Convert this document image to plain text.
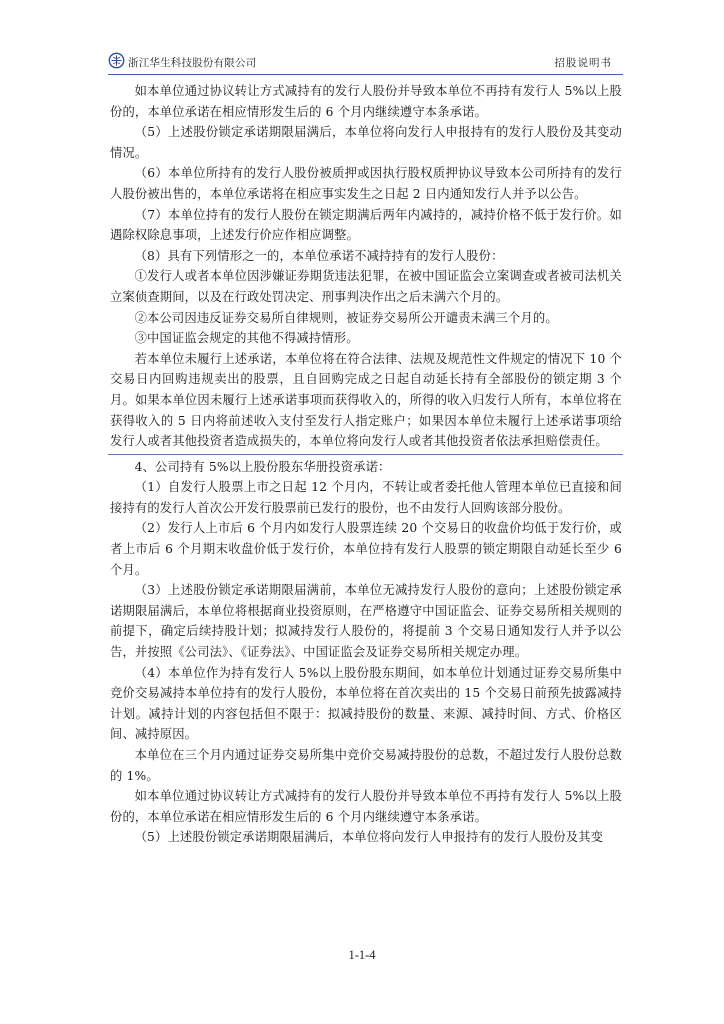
浙江华生科技股份有限公司	招股说明书

如本单位通过协议转让方式减持有的发行人股份并导致本单位不再持有发行人 5%以上股份的，本单位承诺在相应情形发生后的 6 个月内继续遵守本条承诺。

（5）上述股份锁定承诺期限届满后，本单位将向发行人申报持有的发行人股份及其变动情况。

（6）本单位所持有的发行人股份被质押或因执行股权质押协议导致本公司所持有的发行人股份被出售的，本单位承诺将在相应事实发生之日起 2 日内通知发行人并予以公告。

（7）本单位持有的发行人股份在锁定期满后两年内减持的，减持价格不低于发行价。如遇除权除息事项，上述发行价应作相应调整。

（8）具有下列情形之一的，本单位承诺不减持持有的发行人股份：

①发行人或者本单位因涉嫌证券期货违法犯罪，在被中国证监会立案调查或者被司法机关立案侦查期间，以及在行政处罚决定、刑事判决作出之后未满六个月的。

②本公司因违反证券交易所自律规则，被证券交易所公开谴责未满三个月的。

③中国证监会规定的其他不得减持情形。

若本单位未履行上述承诺，本单位将在符合法律、法规及规范性文件规定的情况下 10 个交易日内回购违规卖出的股票，且自回购完成之日起自动延长持有全部股份的锁定期 3 个月。如果本单位因未履行上述承诺事项而获得收入的，所得的收入归发行人所有，本单位将在获得收入的 5 日内将前述收入支付至发行人指定账户；如果因本单位未履行上述承诺事项给发行人或者其他投资者造成损失的，本单位将向发行人或者其他投资者依法承担赔偿责任。

4、公司持有 5%以上股份股东华册投资承诺：

（1）自发行人股票上市之日起 12 个月内，不转让或者委托他人管理本单位已直接和间接持有的发行人首次公开发行股票前已发行的股份，也不由发行人回购该部分股份。

（2）发行人上市后 6 个月内如发行人股票连续 20 个交易日的收盘价均低于发行价，或者上市后 6 个月期末收盘价低于发行价，本单位持有发行人股票的锁定期限自动延长至少 6 个月。

（3）上述股份锁定承诺期限届满前，本单位无减持发行人股份的意向；上述股份锁定承诺期限届满后，本单位将根据商业投资原则，在严格遵守中国证监会、证券交易所相关规则的前提下，确定后续持股计划；拟减持发行人股份的，将提前 3 个交易日通知发行人并予以公告，并按照《公司法》、《证券法》、中国证监会及证券交易所相关规定办理。

（4）本单位作为持有发行人 5%以上股份股东期间，如本单位计划通过证券交易所集中竞价交易减持本单位持有的发行人股份，本单位将在首次卖出的 15 个交易日前预先披露减持计划。减持计划的内容包括但不限于：拟减持股份的数量、来源、减持时间、方式、价格区间、减持原因。

本单位在三个月内通过证券交易所集中竞价交易减持股份的总数，不超过发行人股份总数的 1%。

如本单位通过协议转让方式减持有的发行人股份并导致本单位不再持有发行人 5%以上股份的，本单位承诺在相应情形发生后的 6 个月内继续遵守本条承诺。

（5）上述股份锁定承诺期限届满后，本单位将向发行人申报持有的发行人股份及其变

1-1-4
